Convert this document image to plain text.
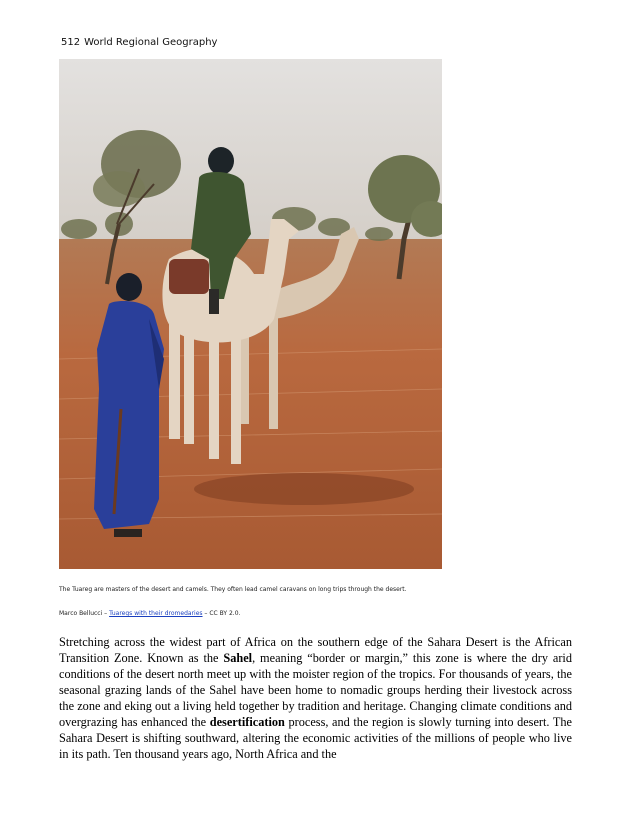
512 World Regional Geography
The Tuareg are masters of the desert and camels. They often lead camel caravans on long trips through the desert.
Marco Bellucci – Tuaregs with their dromedaries – CC BY 2.0.
Stretching across the widest part of Africa on the southern edge of the Sahara Desert is the African Transition Zone. Known as the Sahel, meaning “border or margin,” this zone is where the dry arid conditions of the desert north meet up with the moister region of the tropics. For thousands of years, the seasonal grazing lands of the Sahel have been home to nomadic groups herding their livestock across the zone and eking out a living held together by tradition and heritage. Changing climate conditions and overgrazing has enhanced the desertification process, and the region is slowly turning into desert. The Sahara Desert is shifting southward, altering the economic activities of the millions of people who live in its path. Ten thousand years ago, North Africa and the
